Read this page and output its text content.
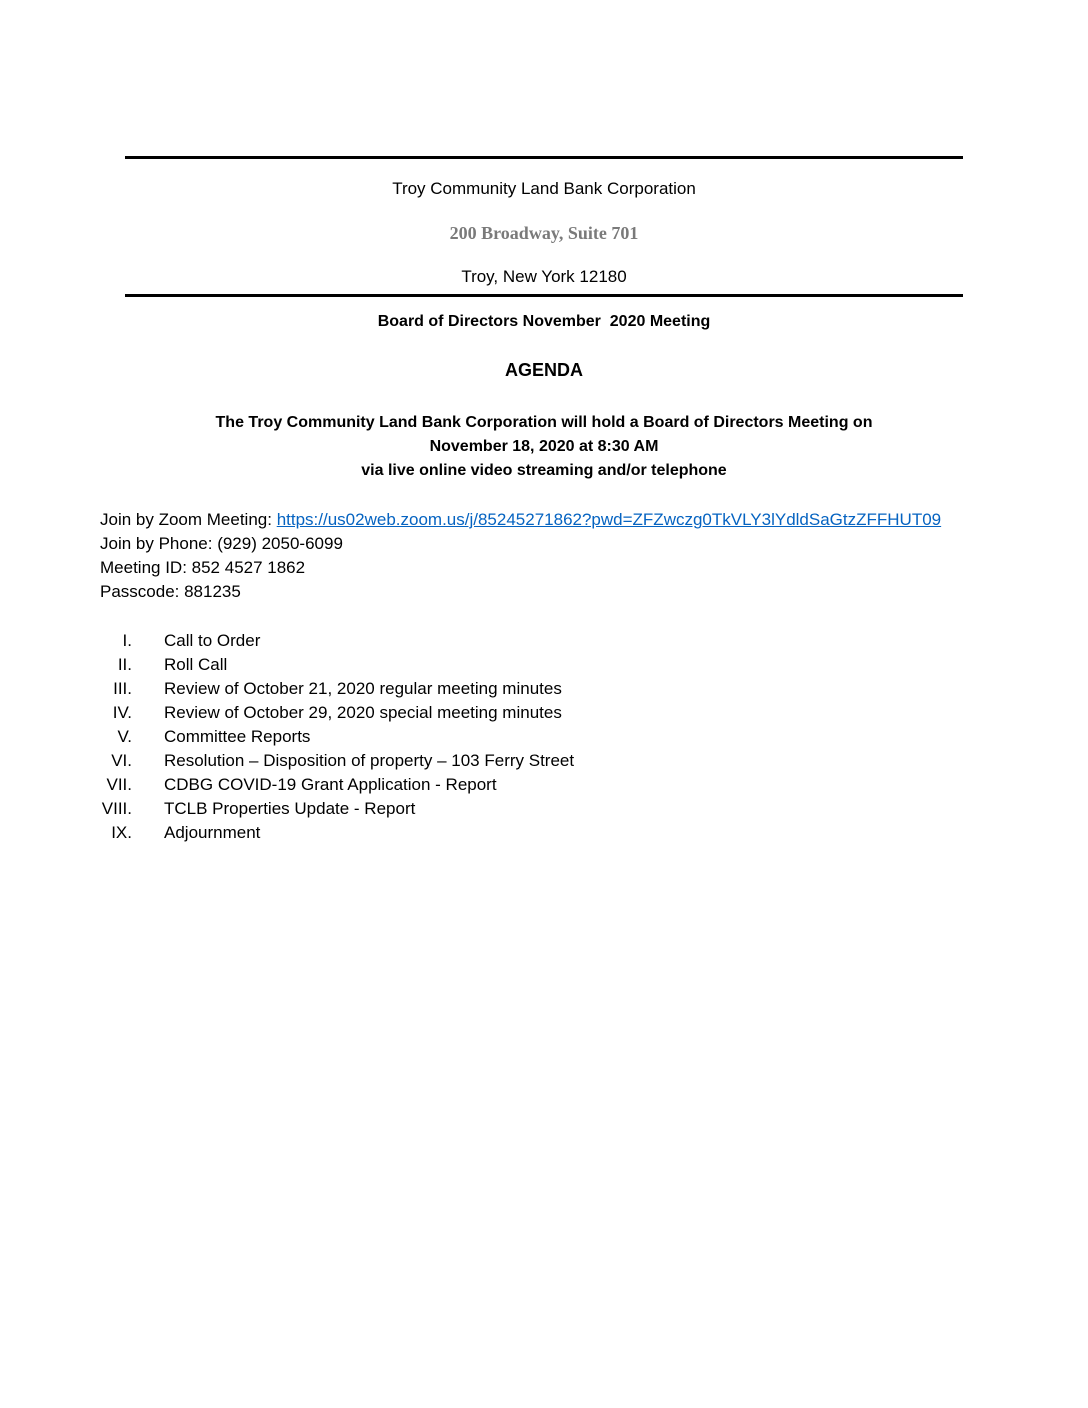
Troy Community Land Bank Corporation
200 Broadway, Suite 701
Troy, New York 12180
Board of Directors November  2020 Meeting
AGENDA
The Troy Community Land Bank Corporation will hold a Board of Directors Meeting on
November 18, 2020 at 8:30 AM
via live online video streaming and/or telephone
Join by Zoom Meeting: https://us02web.zoom.us/j/85245271862?pwd=ZFZwczg0TkVLY3lYdldSaGtzZFFHUT09
Join by Phone: (929) 2050-6099
Meeting ID: 852 4527 1862
Passcode: 881235
I. Call to Order
II. Roll Call
III. Review of October 21, 2020 regular meeting minutes
IV. Review of October 29, 2020 special meeting minutes
V. Committee Reports
VI. Resolution – Disposition of property – 103 Ferry Street
VII. CDBG COVID-19 Grant Application - Report
VIII. TCLB Properties Update - Report
IX. Adjournment
